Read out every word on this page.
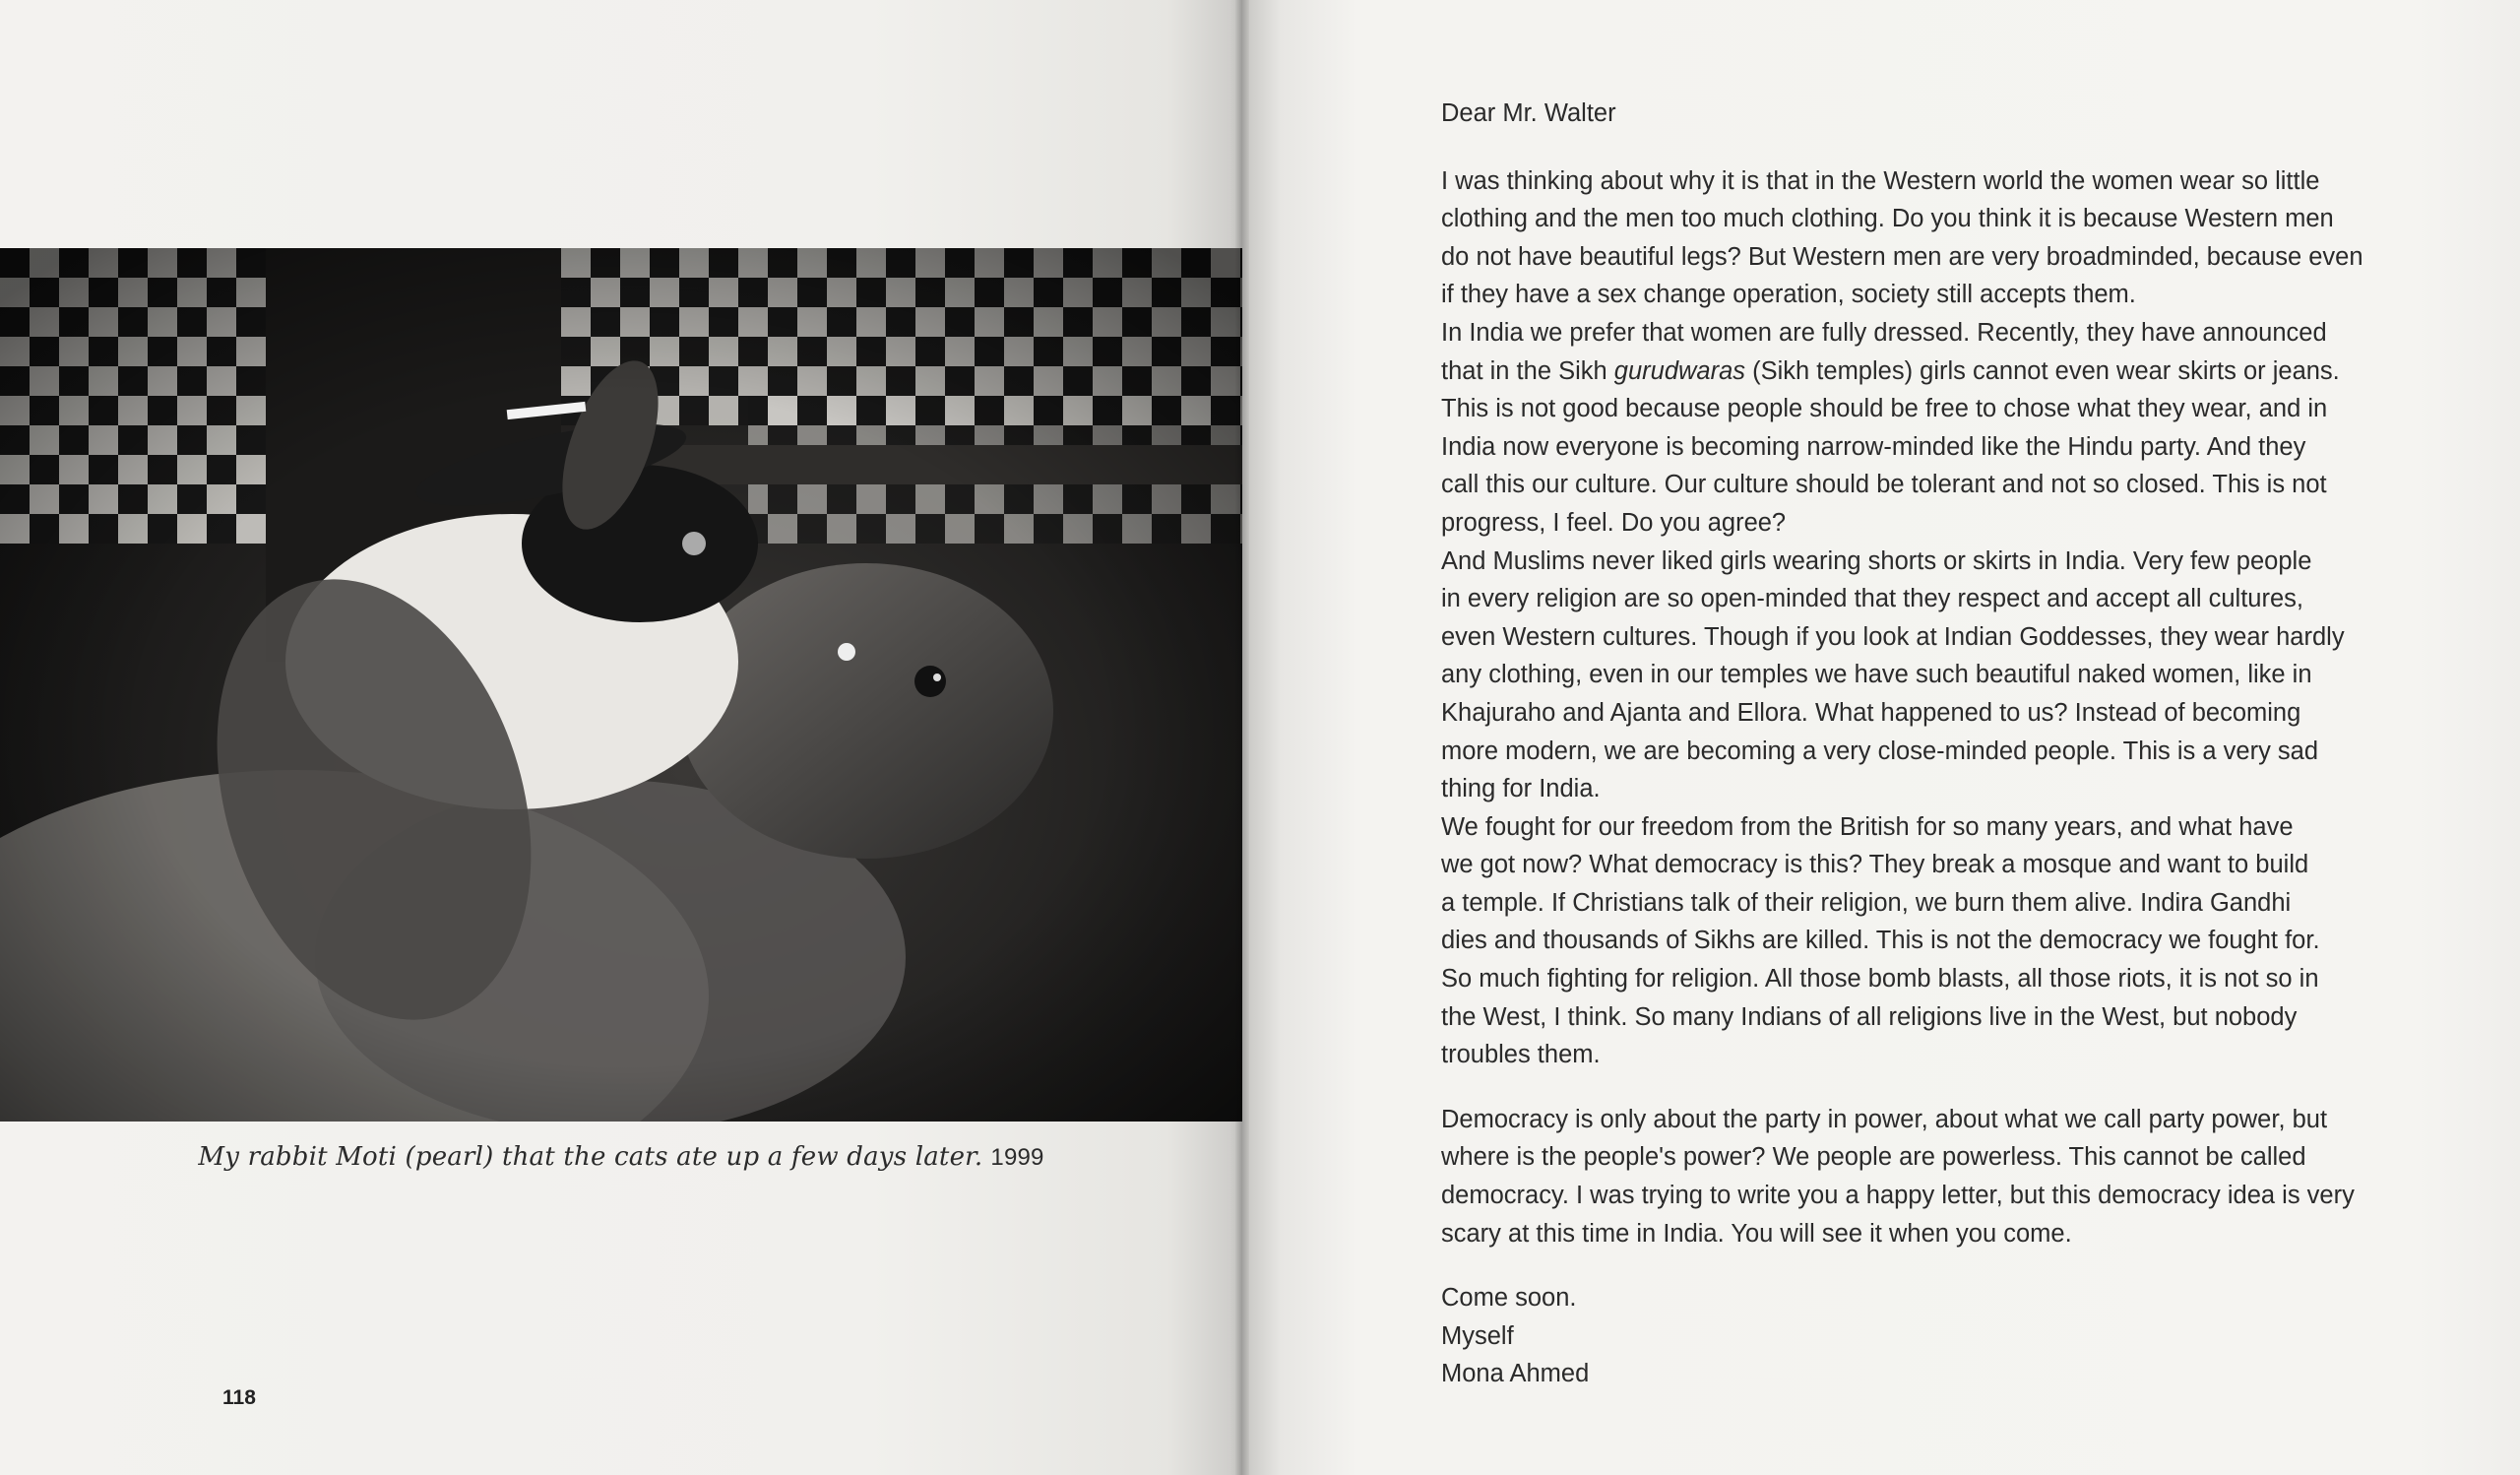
My rabbit Moti (pearl) that the cats ate up a few days later. 1999
118

Dear Mr. Walter

I was thinking about why it is that in the Western world the women wear so little
clothing and the men too much clothing. Do you think it is because Western men
do not have beautiful legs? But Western men are very broadminded, because even
if they have a sex change operation, society still accepts them.

In India we prefer that women are fully dressed. Recently, they have announced
that in the Sikh gurudwaras (Sikh temples) girls cannot even wear skirts or jeans.
This is not good because people should be free to chose what they wear, and in
India now everyone is becoming narrow-minded like the Hindu party. And they
call this our culture. Our culture should be tolerant and not so closed. This is not
progress, I feel. Do you agree?

And Muslims never liked girls wearing shorts or skirts in India. Very few people
in every religion are so open-minded that they respect and accept all cultures,
even Western cultures. Though if you look at Indian Goddesses, they wear hardly
any clothing, even in our temples we have such beautiful naked women, like in
Khajuraho and Ajanta and Ellora. What happened to us? Instead of becoming
more modern, we are becoming a very close-minded people. This is a very sad
thing for India.

We fought for our freedom from the British for so many years, and what have
we got now? What democracy is this? They break a mosque and want to build
a temple. If Christians talk of their religion, we burn them alive. Indira Gandhi
dies and thousands of Sikhs are killed. This is not the democracy we fought for.
So much fighting for religion. All those bomb blasts, all those riots, it is not so in
the West, I think. So many Indians of all religions live in the West, but nobody
troubles them.

Democracy is only about the party in power, about what we call party power, but
where is the people's power? We people are powerless. This cannot be called
democracy. I was trying to write you a happy letter, but this democracy idea is very
scary at this time in India. You will see it when you come.

Come soon.
Myself
Mona Ahmed
